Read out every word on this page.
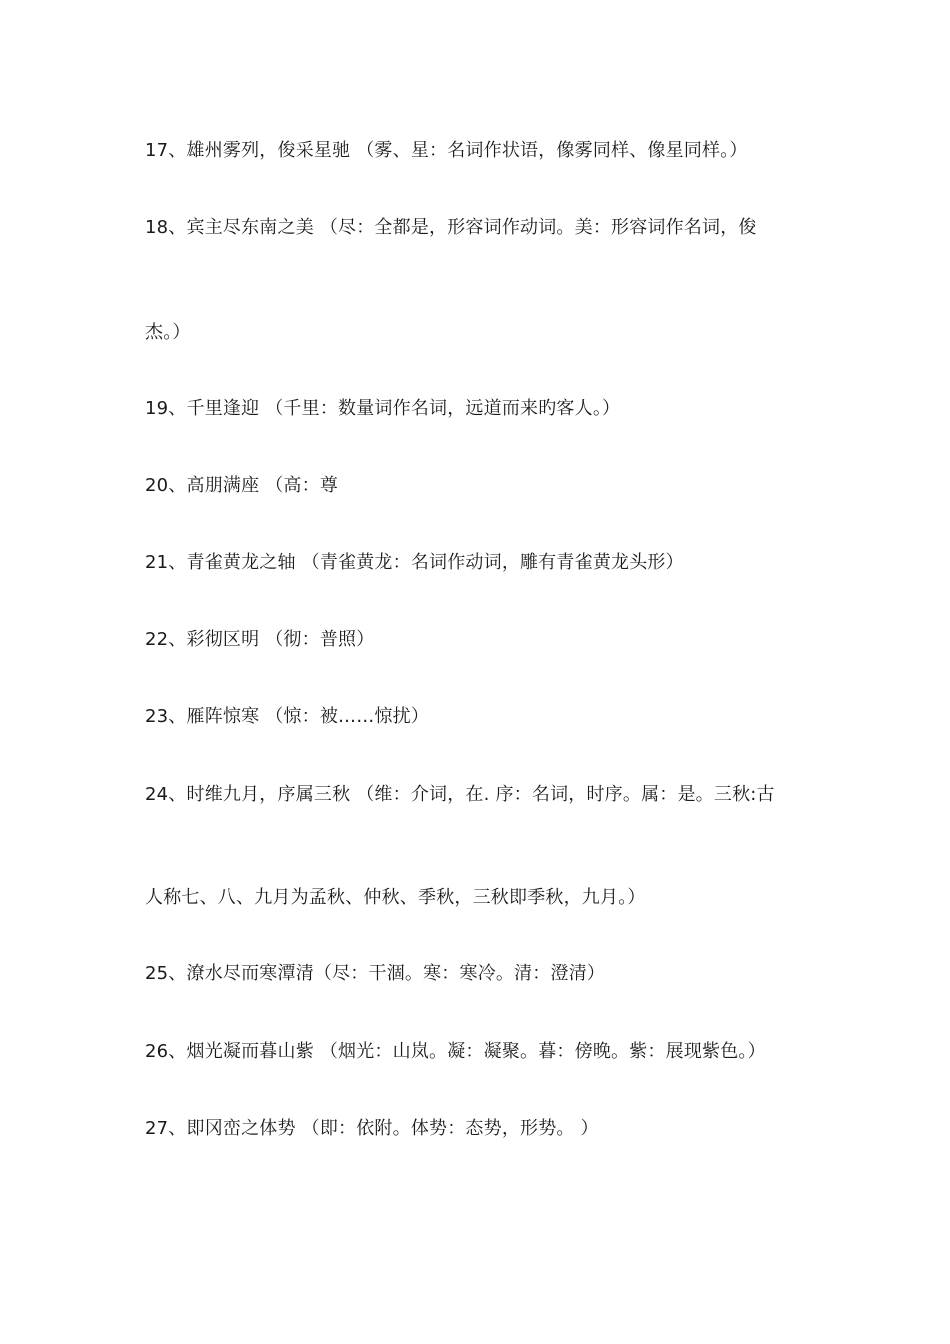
17、雄州雾列，俊采星驰 （雾、星：名词作状语，像雾同样、像星同样。）
18、宾主尽东南之美 （尽：全都是，形容词作动词。美：形容词作名词，俊
杰。）
19、千里逢迎 （千里：数量词作名词，远道而来旳客人。）
20、高朋满座 （高：尊
21、青雀黄龙之轴 （青雀黄龙：名词作动词，雕有青雀黄龙头形）
22、彩彻区明 （彻：普照）
23、雁阵惊寒 （惊：被……惊扰）
24、时维九月，序属三秋 （维：介词，在. 序：名词，时序。属：是。三秋:古
人称七、八、九月为孟秋、仲秋、季秋，三秋即季秋，九月。）
25、潦水尽而寒潭清（尽：干涸。寒：寒冷。清：澄清）
26、烟光凝而暮山紫 （烟光：山岚。凝：凝聚。暮：傍晚。紫：展现紫色。）
27、即冈峦之体势 （即：依附。体势：态势，形势。 ）
